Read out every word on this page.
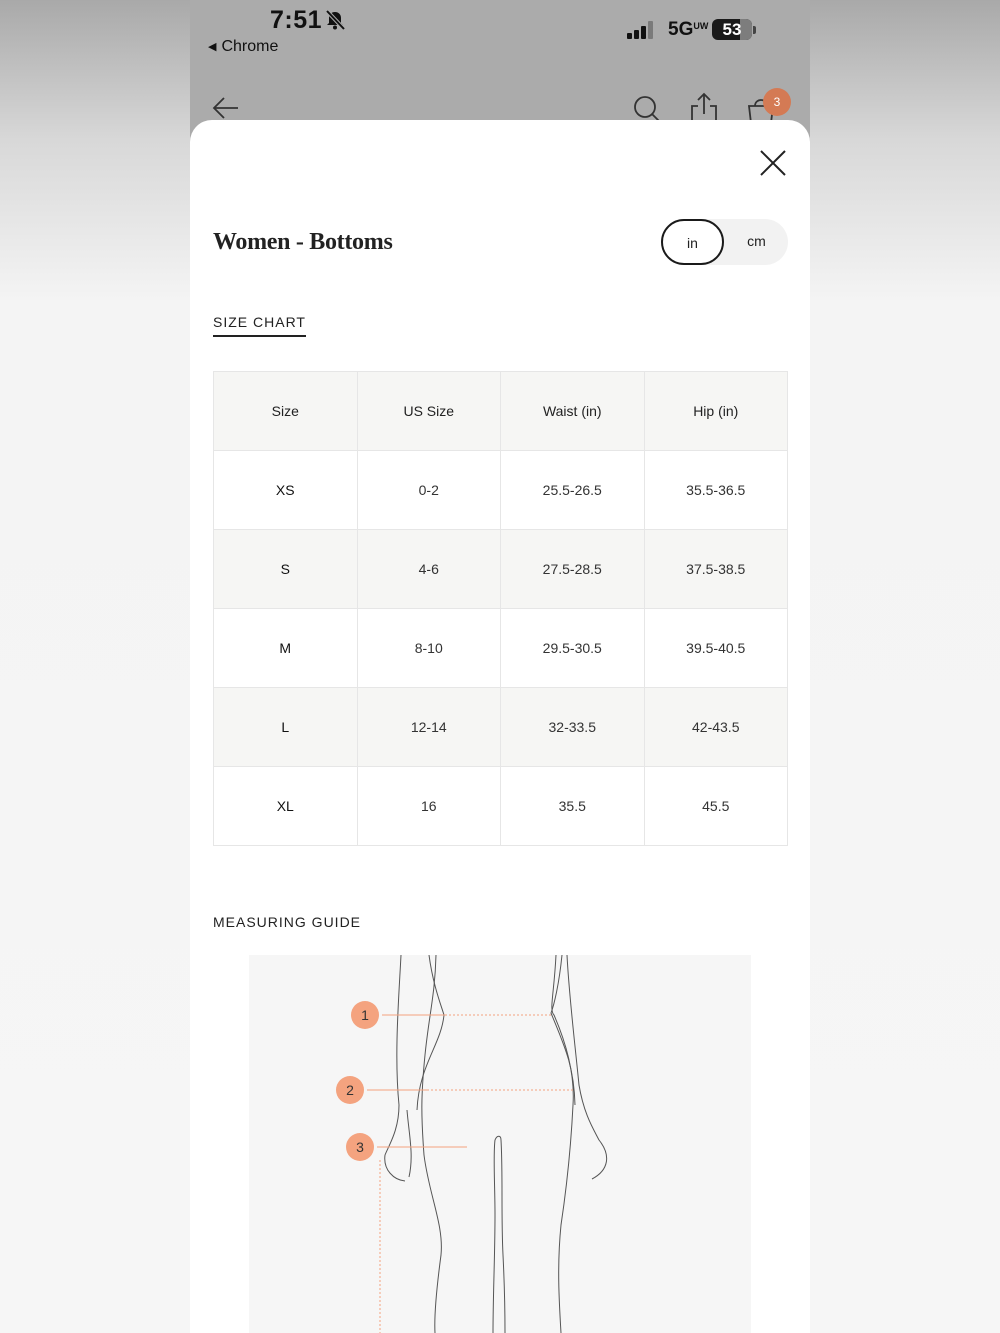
7:51
◀ Chrome
$5G^{UW}$ 53
3
Women - Bottoms	in	cm
SIZE CHART
Size	US Size	Waist (in)	Hip (in)
XS	0-2	25.5-26.5	35.5-36.5
S	4-6	27.5-28.5	37.5-38.5
M	8-10	29.5-30.5	39.5-40.5
L	12-14	32-33.5	42-43.5
XL	16	35.5	45.5
MEASURING GUIDE
1
2
3
